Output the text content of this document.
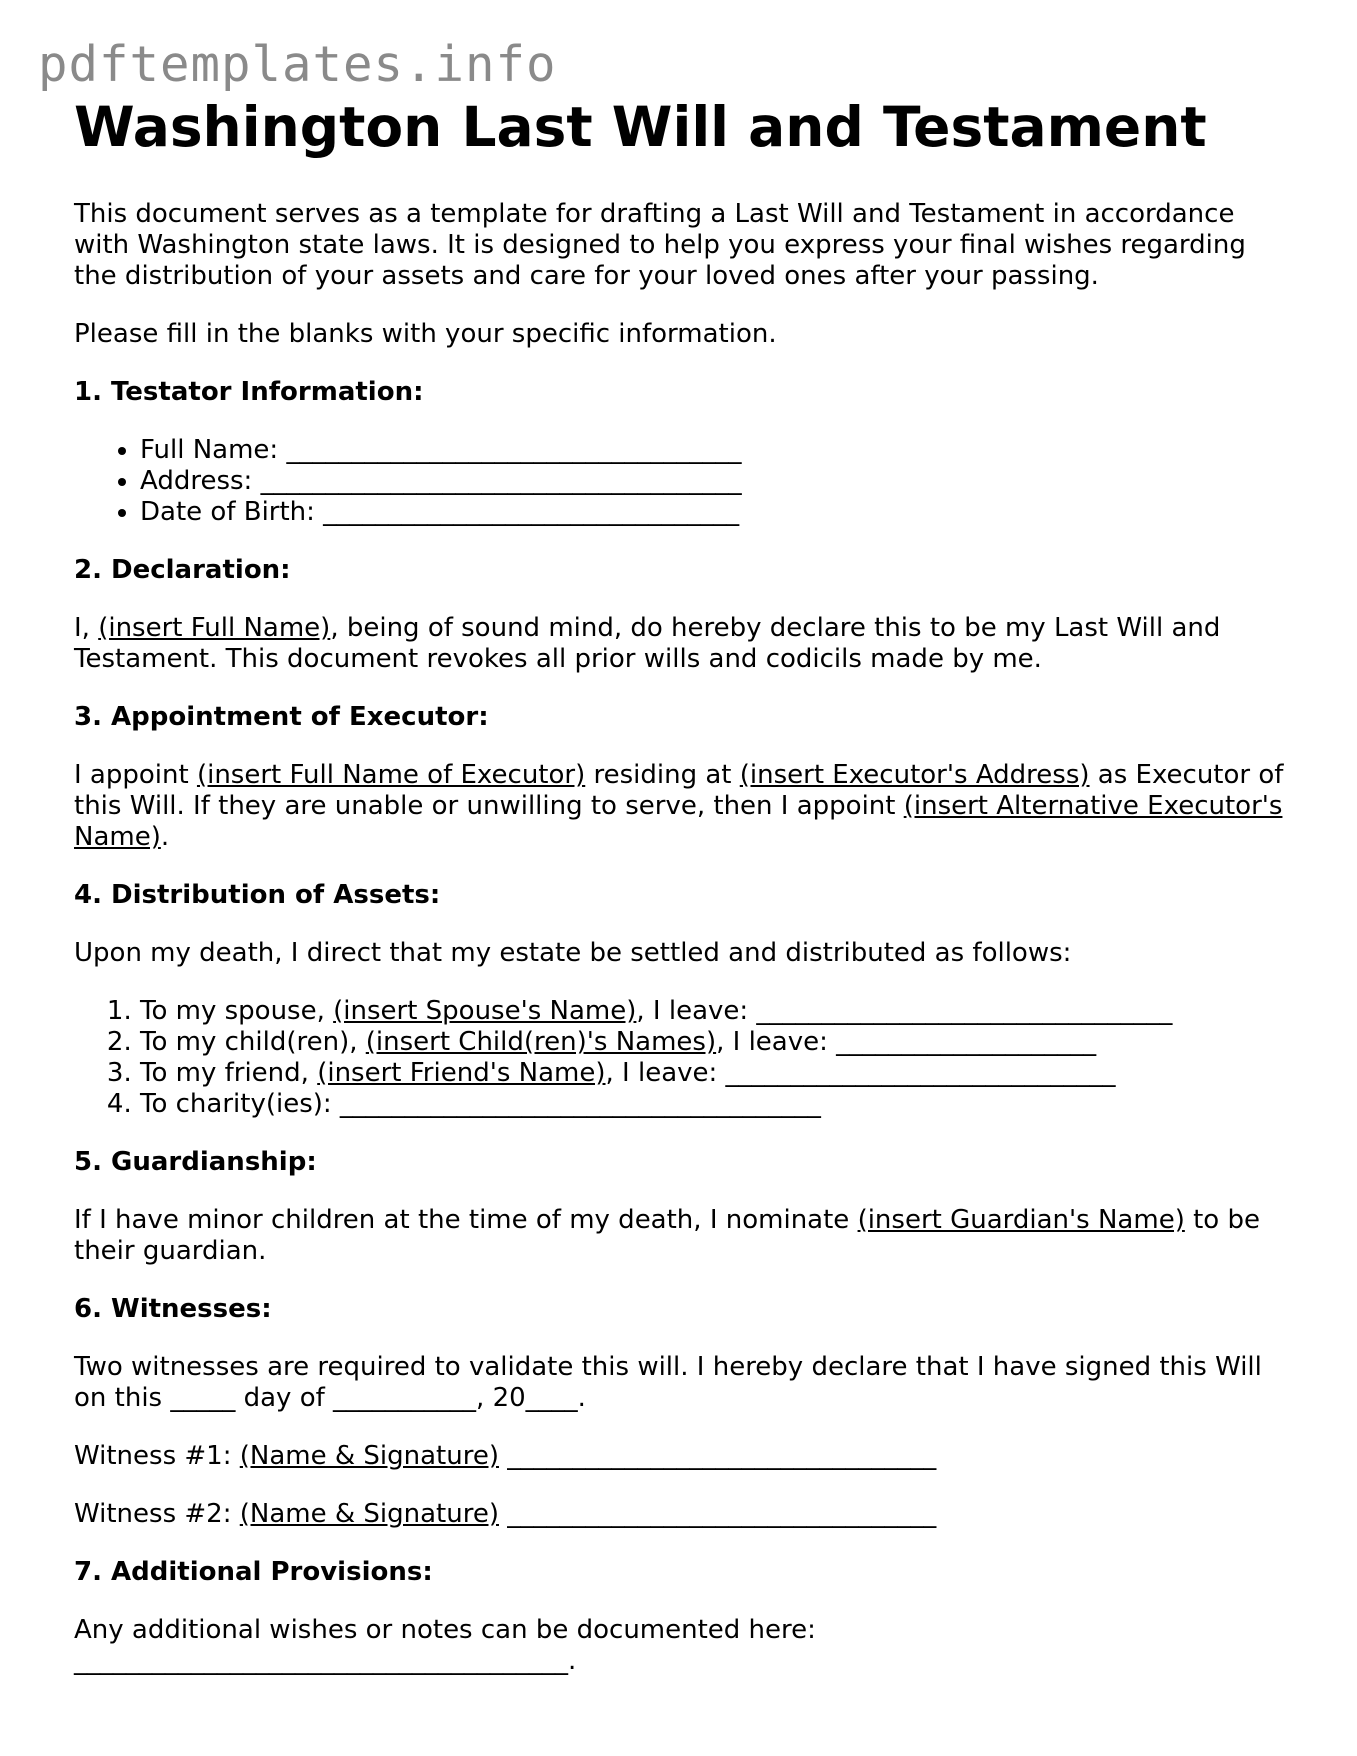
pdftemplates.info
Washington Last Will and Testament

This document serves as a template for drafting a Last Will and Testament in accordance with Washington state laws. It is designed to help you express your final wishes regarding the distribution of your assets and care for your loved ones after your passing.

Please fill in the blanks with your specific information.

1. Testator Information:
• Full Name: ___________________________________
• Address: _____________________________________
• Date of Birth: ________________________________
2. Declaration:

I, (insert Full Name), being of sound mind, do hereby declare this to be my Last Will and Testament. This document revokes all prior wills and codicils made by me.

3. Appointment of Executor:

I appoint (insert Full Name of Executor) residing at (insert Executor's Address) as Executor of this Will. If they are unable or unwilling to serve, then I appoint (insert Alternative Executor's Name).

4. Distribution of Assets:

Upon my death, I direct that my estate be settled and distributed as follows:

1. To my spouse, (insert Spouse's Name), I leave: ________________________________
2. To my child(ren), (insert Child(ren)'s Names), I leave: ____________________
3. To my friend, (insert Friend's Name), I leave: ______________________________
4. To charity(ies): _____________________________________
5. Guardianship:

If I have minor children at the time of my death, I nominate (insert Guardian's Name) to be their guardian.

6. Witnesses:

Two witnesses are required to validate this will. I hereby declare that I have signed this Will on this _____ day of ___________, 20____.

Witness #1: (Name & Signature) _________________________________

Witness #2: (Name & Signature) _________________________________

7. Additional Provisions:

Any additional wishes or notes can be documented here:

______________________________________.
